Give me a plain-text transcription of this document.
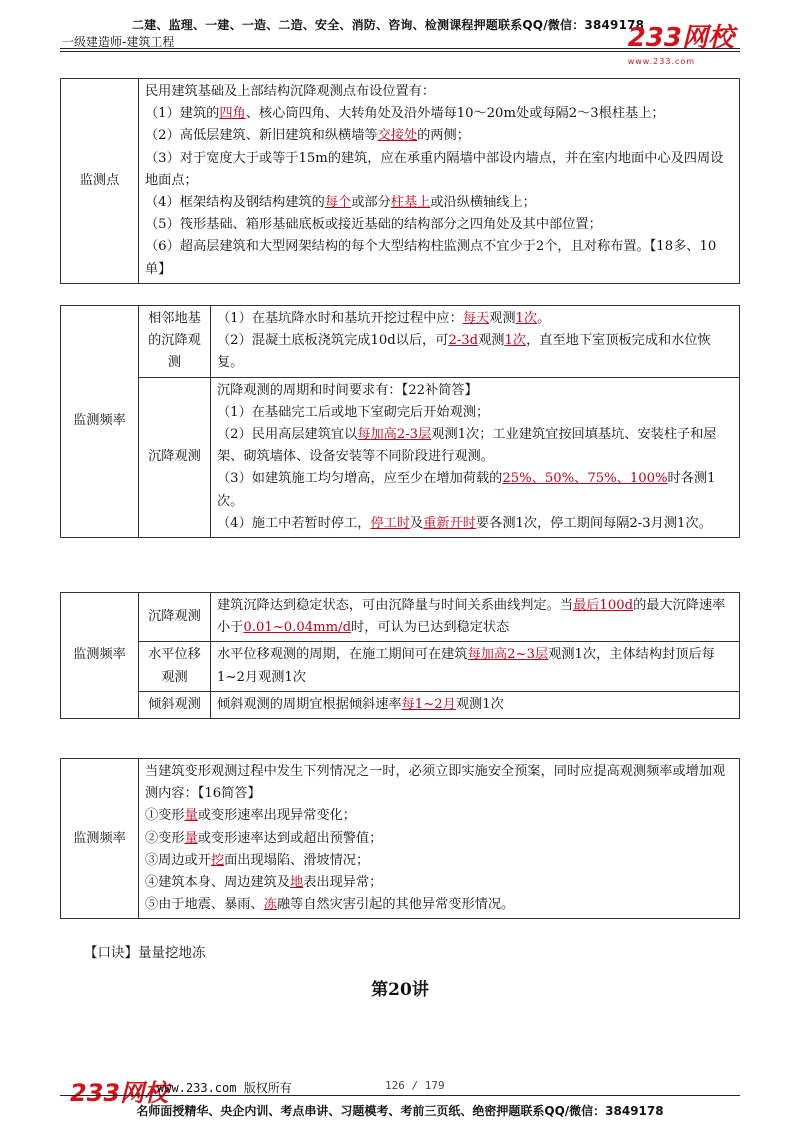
二建、监理、一建、一造、二造、安全、消防、咨询、检测课程押题联系QQ/微信：3849178
一级建造师-建筑工程	233网校
www.233.com
监测点	
民用建筑基础及上部结构沉降观测点布设位置有：
（1）建筑的四角、核心筒四角、大转角处及沿外墙每10～20m处或每隔2～3根柱基上；
（2）高低层建筑、新旧建筑和纵横墙等交接处的两侧；
（3）对于宽度大于或等于15m的建筑，应在承重内隔墙中部设内墙点，并在室内地面中心及四周设地面点；
（4）框架结构及钢结构建筑的每个或部分柱基上或沿纵横轴线上；
（5）筏形基础、箱形基础底板或接近基础的结构部分之四角处及其中部位置；
（6）超高层建筑和大型网架结构的每个大型结构柱监测点不宜少于2个，且对称布置。【18多、10单】
监测频率	相邻地基的沉降观测	（1）在基坑降水时和基坑开挖过程中应：每天观测1次。
（2）混凝土底板浇筑完成10d以后，可2-3d观测1次，直至地下室顶板完成和水位恢复。

	沉降观测	沉降观测的周期和时间要求有：【22补简答】
（1）在基础完工后或地下室砌完后开始观测；
（2）民用高层建筑宜以每加高2-3层观测1次；工业建筑宜按回填基坑、安装柱子和屋架、砌筑墙体、设备安装等不同阶段进行观测。
（3）如建筑施工均匀增高，应至少在增加荷载的25%、50%、75%、100%时各测1次。
（4）施工中若暂时停工，停工时及重新开时要各测1次，停工期间每隔2-3月测1次。
监测频率	沉降观测	建筑沉降达到稳定状态，可由沉降量与时间关系曲线判定。当最后100d的最大沉降速率小于0.01~0.04mm/d时，可认为已达到稳定状态

	水平位移观测	水平位移观测的周期，在施工期间可在建筑每加高2~3层观测1次，主体结构封顶后每1~2月观测1次

	倾斜观测	倾斜观测的周期宜根据倾斜速率每1~2月观测1次
监测频率	
当建筑变形观测过程中发生下列情况之一时，必须立即实施安全预案，同时应提高观测频率或增加观测内容：【16简答】
①变形量或变形速率出现异常变化；
②变形量或变形速率达到或超出预警值；
③周边或开挖面出现塌陷、滑坡情况；
④建筑本身、周边建筑及地表出现异常；
⑤由于地震、暴雨、冻融等自然灾害引起的其他异常变形情况。
【口诀】量量挖地冻
第20讲
233网校
www.233.com 版权所有	126 / 179
名师面授精华、央企内训、考点串讲、习题模考、考前三页纸、绝密押题联系QQ/微信：3849178
